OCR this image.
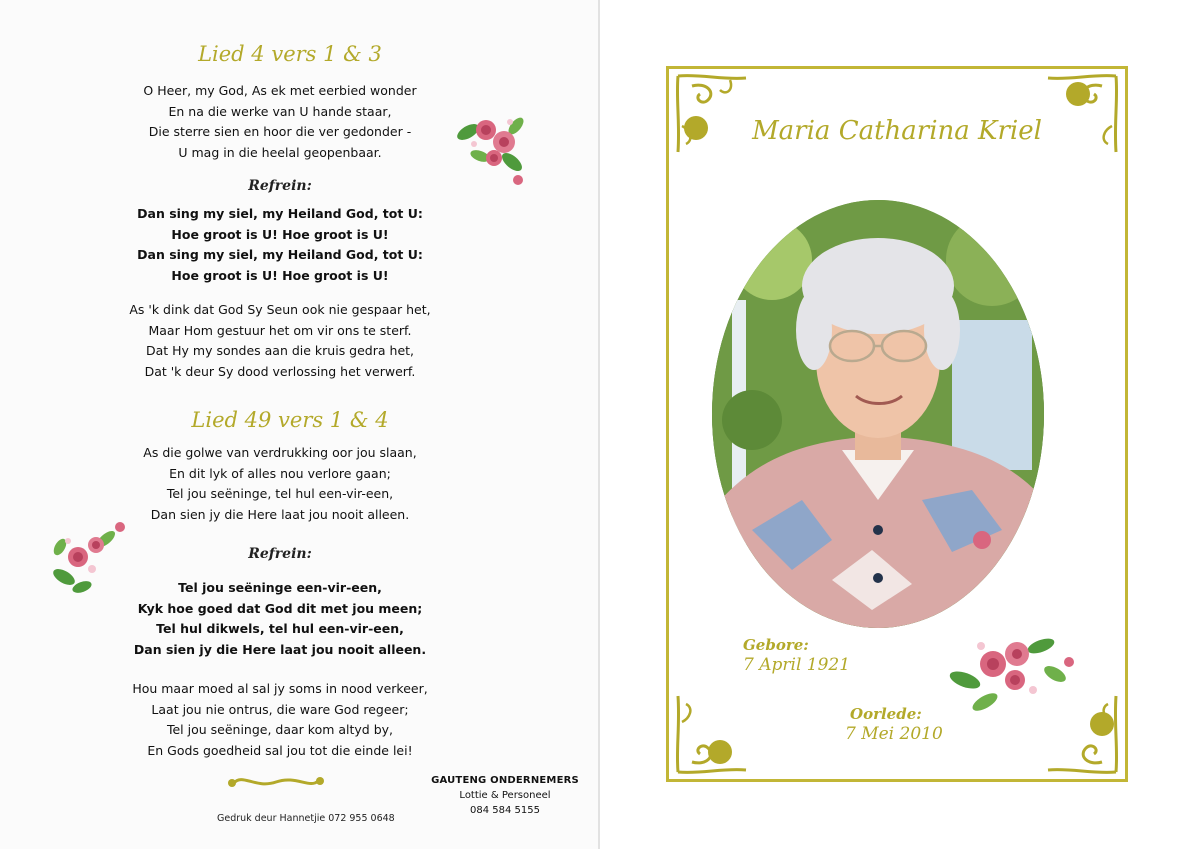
Lied 4 vers 1 & 3
O Heer, my God, As ek met eerbied wonder
En na die werke van U hande staar,
Die sterre sien en hoor die ver gedonder -
U mag in die heelal geopenbaar.
Refrein:
Dan sing my siel, my Heiland God, tot U:
Hoe groot is U! Hoe groot is U!
Dan sing my siel, my Heiland God, tot U:
Hoe groot is U! Hoe groot is U!
As 'k dink dat God Sy Seun ook nie gespaar het,
Maar Hom gestuur het om vir ons te sterf.
Dat Hy my sondes aan die kruis gedra het,
Dat 'k deur Sy dood verlossing het verwerf.
Lied 49 vers 1 & 4
As die golwe van verdrukking oor jou slaan,
En dit lyk of alles nou verlore gaan;
Tel jou seëninge, tel hul een-vir-een,
Dan sien jy die Here laat jou nooit alleen.
Refrein:
Tel jou seëninge een-vir-een,
Kyk hoe goed dat God dit met jou meen;
Tel hul dikwels, tel hul een-vir-een,
Dan sien jy die Here laat jou nooit alleen.
Hou maar moed al sal jy soms in nood verkeer,
Laat jou nie ontrus, die ware God regeer;
Tel jou seëninge, daar kom altyd by,
En Gods goedheid sal jou tot die einde lei!
Gedruk deur Hannetjie 072 955 0648
GAUTENG ONDERNEMERS
Lottie & Personeel
084 584 5155
Maria Catharina Kriel
Gebore:
7 April 1921
Oorlede:
7 Mei 2010
